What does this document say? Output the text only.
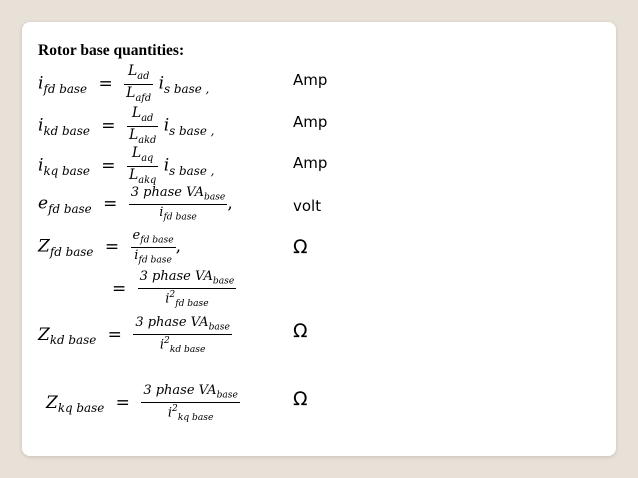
Rotor base quantities:
$i_{fd base} = \frac{L_{ad}}{L_{afd}} i_{s base ,}$	Amp
$i_{kd base} = \frac{L_{ad}}{L_{akd}} i_{s base ,}$	Amp
$i_{kq base} = \frac{L_{aq}}{L_{akq}} i_{s base ,}$	Amp
$e_{fd base} = \frac{3 phase VA_{base}}{i_{fd base}}$ ,	volt
$Z_{fd base} = \frac{e_{fd base}}{i_{fd base}}$ ,	Ω
= $\frac{3 phase VA_{base}}{i^2_{fd base}}$
$Z_{kd base} = \frac{3 phase VA_{base}}{i^2_{kd base}}$	Ω
$Z_{kq base} = \frac{3 phase VA_{base}}{i^2_{kq base}}$	Ω
